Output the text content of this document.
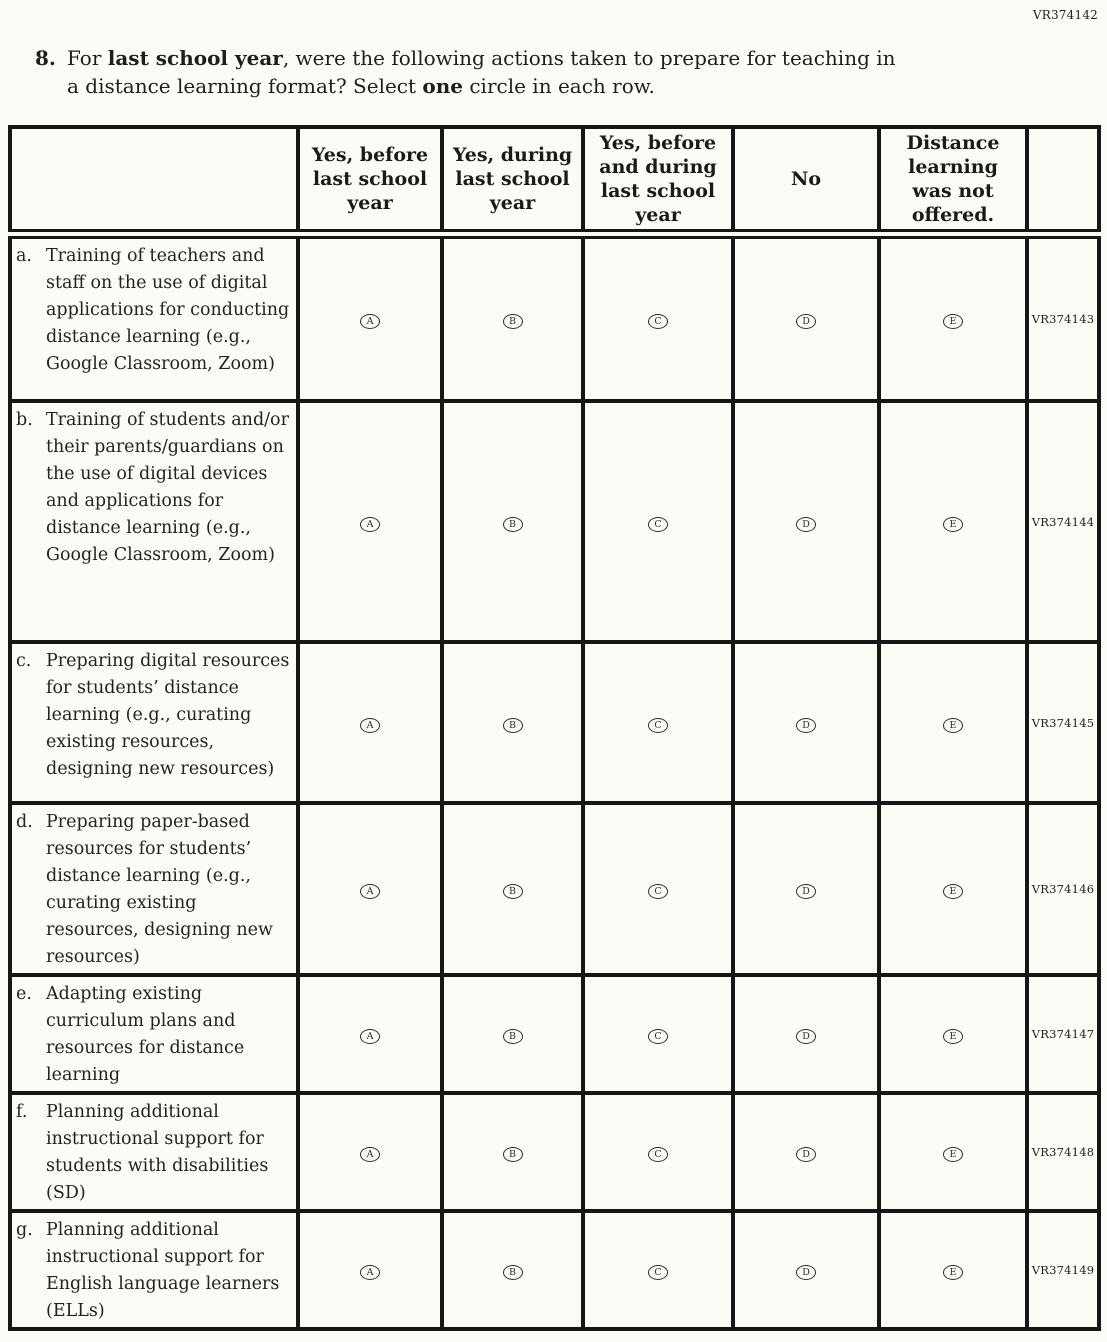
VR374142
8. For last school year, were the following actions taken to prepare for teaching in a distance learning format? Select one circle in each row.

	Yes, before last school year	Yes, during last school year	Yes, before and during last school year	No	Distance learning was not offered.	

a. Training of teachers and staff on the use of digital applications for conducting distance learning (e.g., Google Classroom, Zoom)	A	B	C	D	E	VR374143

b. Training of students and/or their parents/guardians on the use of digital devices and applications for distance learning (e.g., Google Classroom, Zoom)	A	B	C	D	E	VR374144

c. Preparing digital resources for students’ distance learning (e.g., curating existing resources, designing new resources)	A	B	C	D	E	VR374145

d. Preparing paper-based resources for students’ distance learning (e.g., curating existing resources, designing new resources)	A	B	C	D	E	VR374146

e. Adapting existing curriculum plans and resources for distance learning	A	B	C	D	E	VR374147

f. Planning additional instructional support for students with disabilities (SD)	A	B	C	D	E	VR374148

g. Planning additional instructional support for English language learners (ELLs)	A	B	C	D	E	VR374149
